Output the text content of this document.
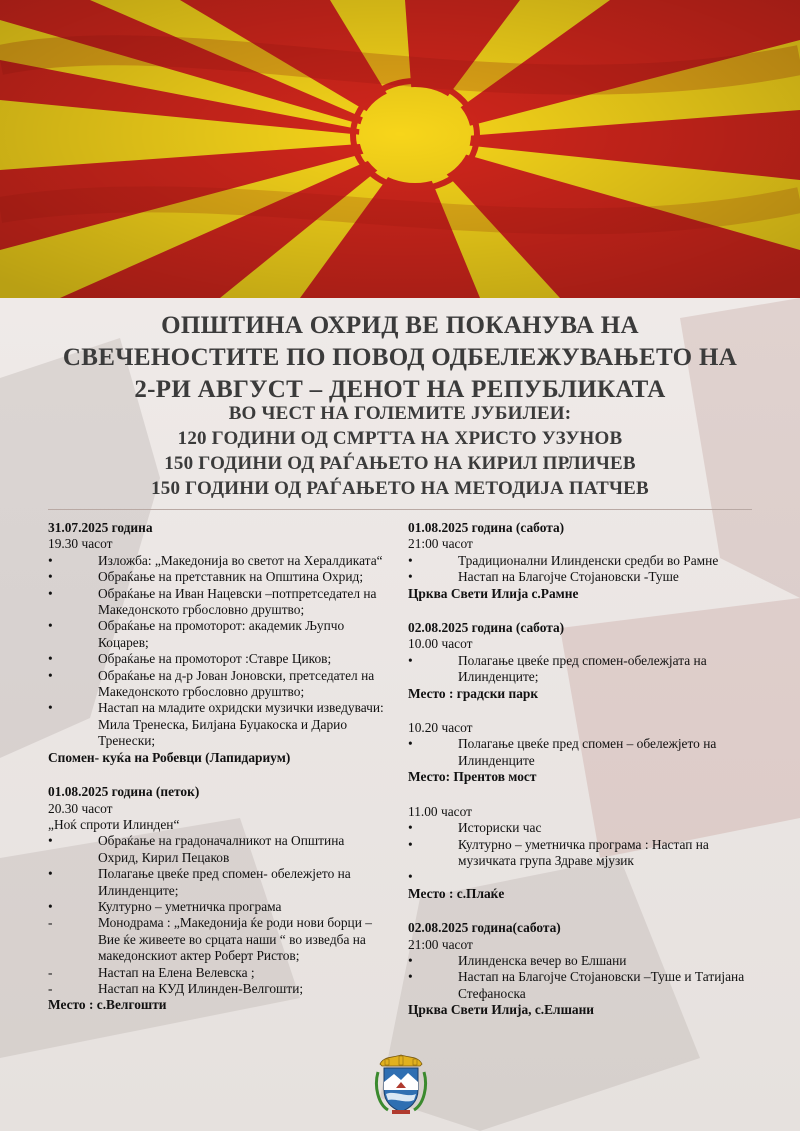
ОПШТИНА ОХРИД ВЕ ПОКАНУВА НА
СВЕЧЕНОСТИТЕ ПО ПОВОД ОДБЕЛЕЖУВАЊЕТО НА
2-РИ АВГУСТ – ДЕНОТ НА РЕПУБЛИКАТА
ВО ЧЕСТ НА ГОЛЕМИТЕ ЈУБИЛЕИ:
120 ГОДИНИ ОД СМРТТА НА ХРИСТО УЗУНОВ
150 ГОДИНИ ОД РАЃАЊЕТО НА КИРИЛ ПРЛИЧЕВ
150 ГОДИНИ ОД РАЃАЊЕТО НА МЕТОДИЈА ПАТЧЕВ
31.07.2025 година
19.30 часот
•	Изложба: „Македонија во светот на Хералдиката“
•	Обраќање на претставник на Општина Охрид;
•	Обраќање на Иван Нацевски –потпретседател на Македонското грбословно друштво;
•	Обраќање на промоторот: академик Љупчо Коцарев;
•	Обраќање на промоторот :Ставре Циков;
•	Обраќање на д-р Јован Јоновски, претседател на Македонското грбословно друштво;
•	Настап на младите охридски музички изведувачи: Мила Тренеска, Билјана Буџакоска и Дарио Тренески;
Спомен- куќа на Робевци (Лапидариум)
01.08.2025 година (петок)
20.30 часот
„Ноќ спроти Илинден“
•	Обраќање на градоначалникот на Општина Охрид, Кирил Пецаков
•	Полагање цвеќе пред спомен- обележјето на Илинденците;
•	Културно – уметничка програма
-	Монодрама : „Македонија ќе роди нови борци –Вие ќе живеете во срцата наши “ во изведба на македонскиот актер Роберт Ристов;
-	Настап на Елена Велевска ;
-	Настап на КУД Илинден-Велгошти;
Место : с.Велгошти
01.08.2025 година (сабота)
21:00 часот
•	Традиционални Илинденски средби во Рамне
•	Настап на Благојче Стојановски -Туше
Црква Свети Илија с.Рамне
02.08.2025 година (сабота)
10.00 часот
•	Полагање цвеќе пред спомен-обележјата на Илинденците;
Место : градски парк
10.20 часот
•	Полагање цвеќе пред спомен – обележјето на Илинденците
Место: Прентов мост
11.00 часот
•	Историски час
•	Културно – уметничка програма : Настап на музичката група Здраве мјузик
•

Место : с.Плаќе
02.08.2025 година(сабота)
21:00 часот
•	Илинденска вечер во Елшани
•	Настап на Благојче Стојановски –Туше и Татијана Стефаноска
Црква Свети Илија, с.Елшани
